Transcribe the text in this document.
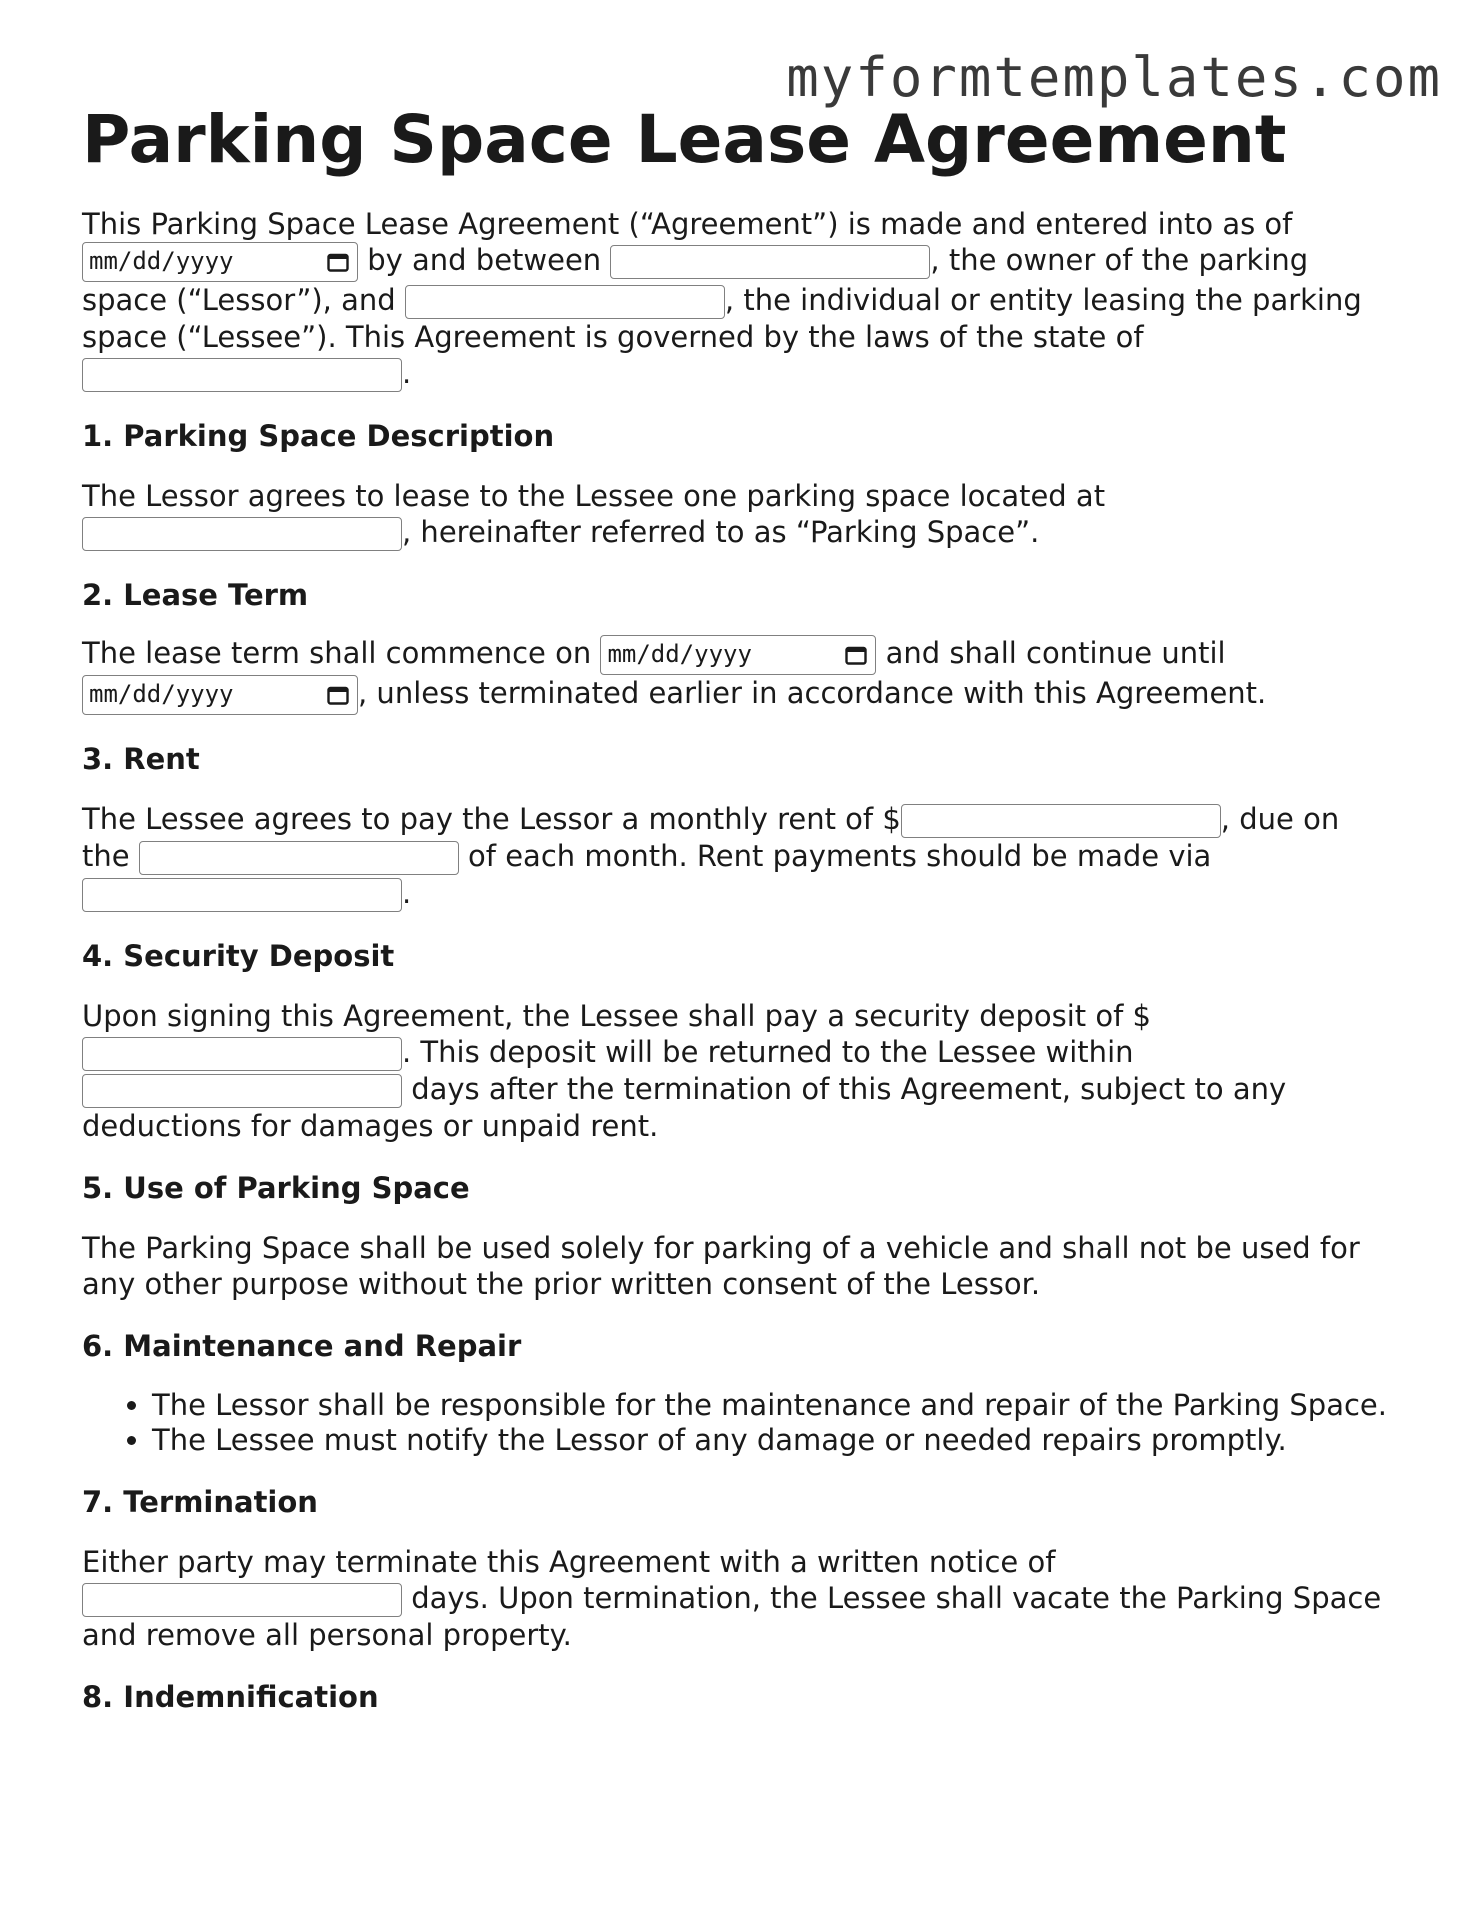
myformtemplates.com
Parking Space Lease Agreement

This Parking Space Lease Agreement (“Agreement”) is made and entered into as of mm/dd/yyyy	by and between	, the owner of the parking space (“Lessor”), and	, the individual or entity leasing the parking space (“Lessee”). This Agreement is governed by the laws of the state of .

1. Parking Space Description

The Lessor agrees to lease to the Lessee one parking space located at , hereinafter referred to as “Parking Space”.

2. Lease Term

The lease term shall commence on mm/dd/yyyy	and shall continue until mm/dd/yyyy	, unless terminated earlier in accordance with this Agreement.

3. Rent

The Lessee agrees to pay the Lessor a monthly rent of $	, due on the	of each month. Rent payments should be made via .

4. Security Deposit

Upon signing this Agreement, the Lessee shall pay a security deposit of $ . This deposit will be returned to the Lessee within  days after the termination of this Agreement, subject to any deductions for damages or unpaid rent.

5. Use of Parking Space

The Parking Space shall be used solely for parking of a vehicle and shall not be used for any other purpose without the prior written consent of the Lessor.

6. Maintenance and Repair
• The Lessor shall be responsible for the maintenance and repair of the Parking Space.
• The Lessee must notify the Lessor of any damage or needed repairs promptly.
7. Termination

Either party may terminate this Agreement with a written notice of  days. Upon termination, the Lessee shall vacate the Parking Space and remove all personal property.

8. Indemnification
